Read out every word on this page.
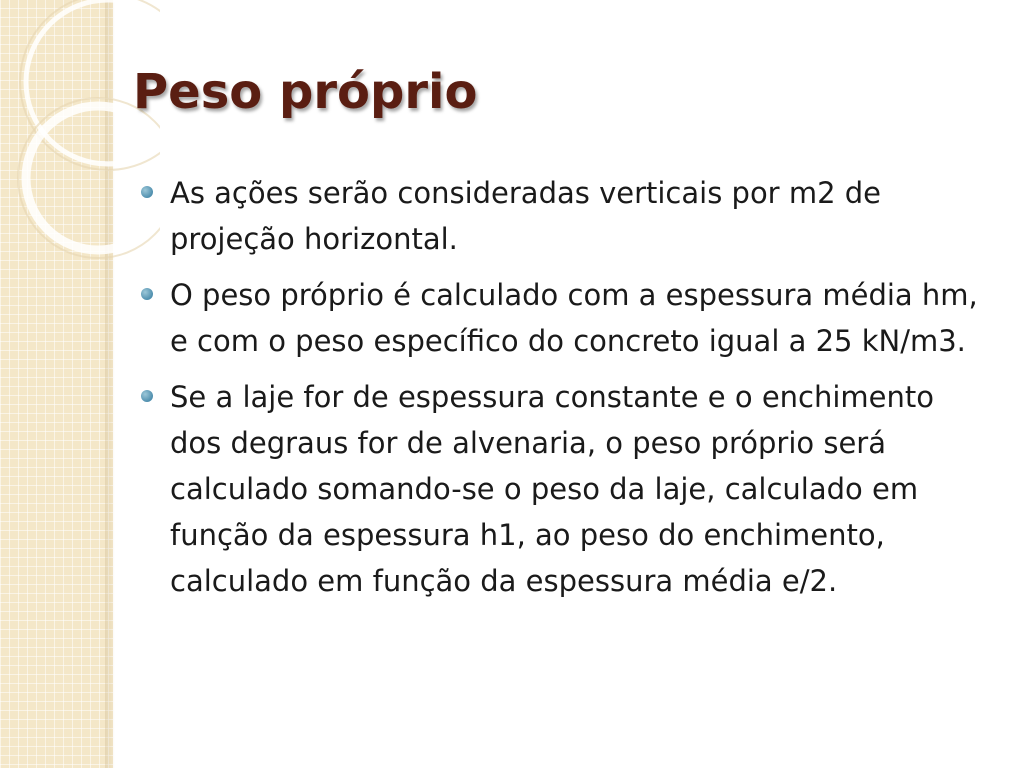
Peso próprio
As ações serão consideradas verticais por m2 de projeção horizontal.
O peso próprio é calculado com a espessura média hm, e com o peso específico do concreto igual a 25 kN/m3.
Se a laje for de espessura constante e o enchimento dos degraus for de alvenaria, o peso próprio será calculado somando-se o peso da laje, calculado em função da espessura h1, ao peso do enchimento, calculado em função da espessura média e/2.
